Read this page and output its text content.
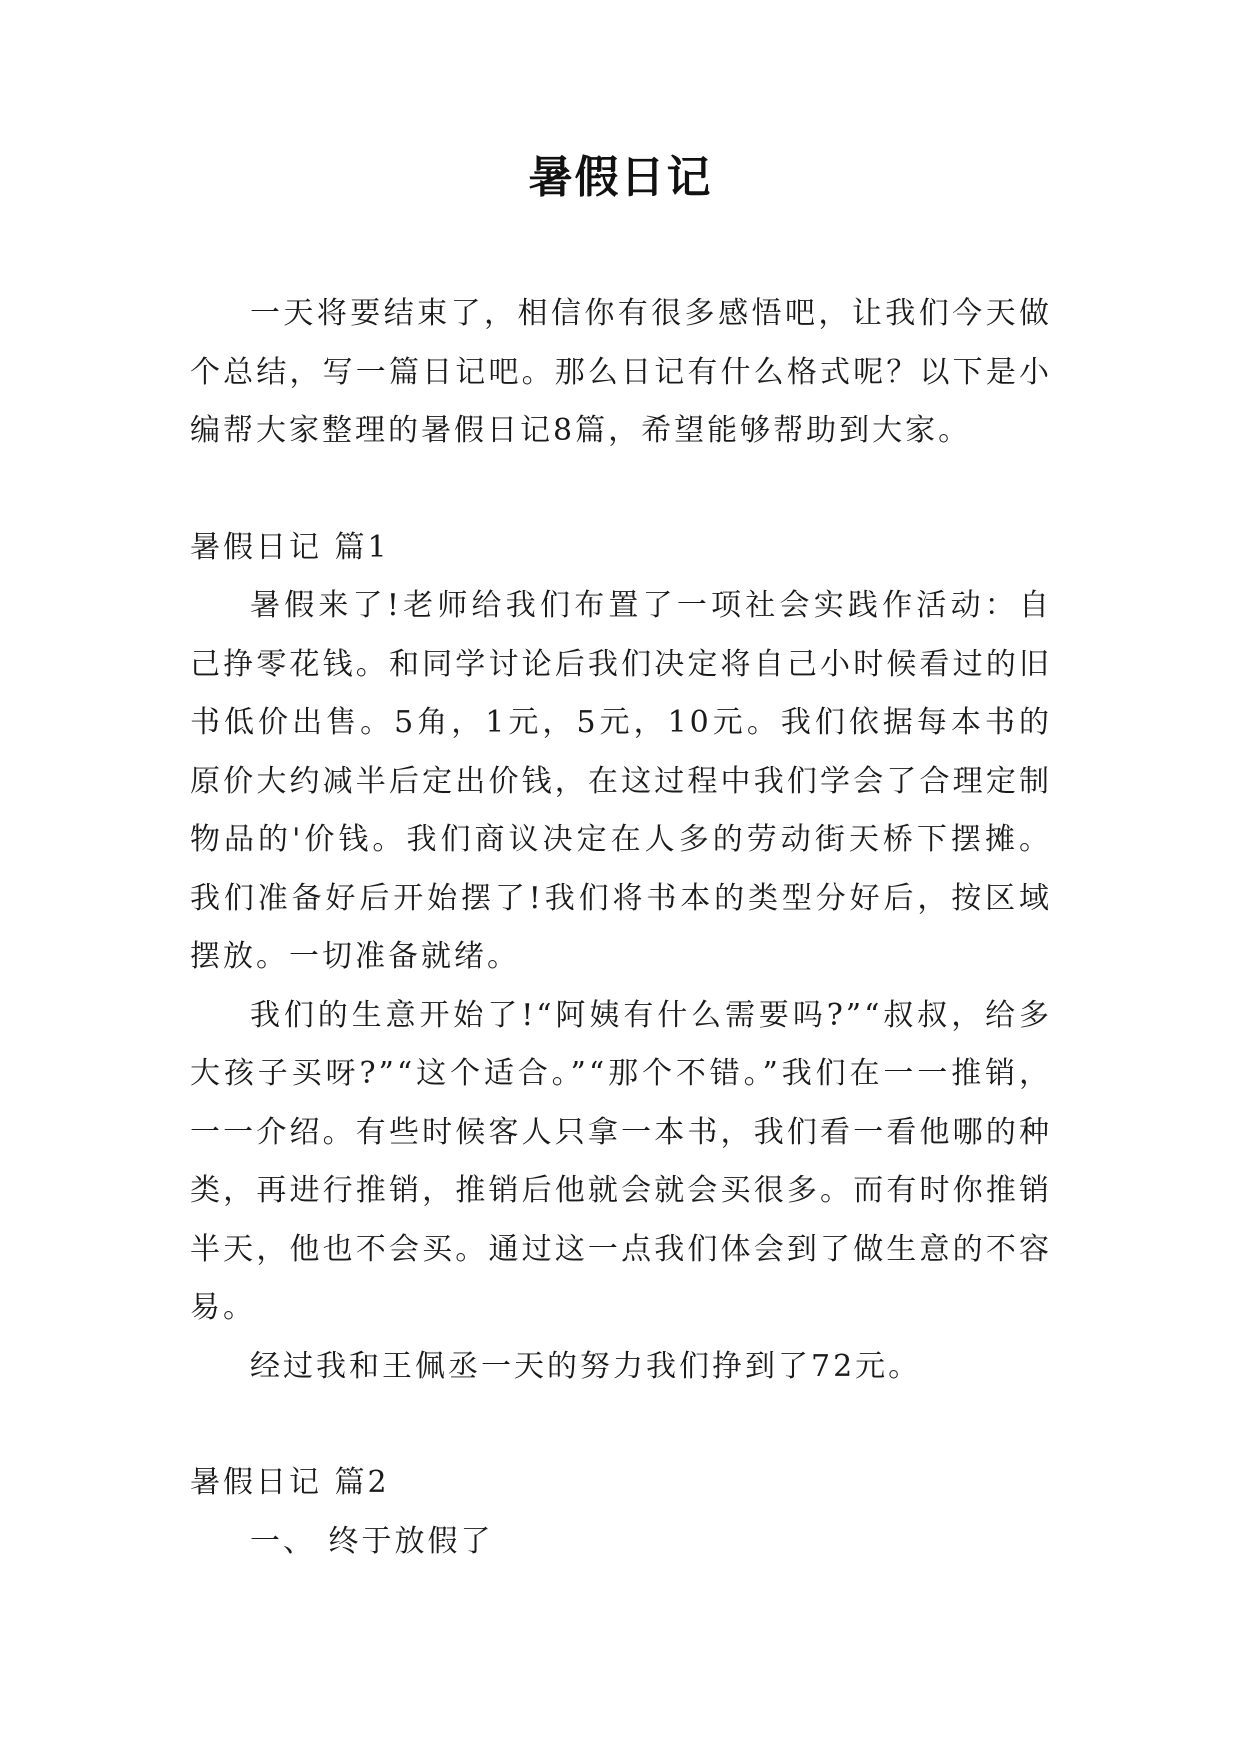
暑假日记

一天将要结束了，相信你有很多感悟吧，让我们今天做个总结，写一篇日记吧。那么日记有什么格式呢？以下是小编帮大家整理的暑假日记8篇，希望能够帮助到大家。

暑假日记 篇1

暑假来了!老师给我们布置了一项社会实践作活动：自己挣零花钱。和同学讨论后我们决定将自己小时候看过的旧书低价出售。5角，1元，5元，10元。我们依据每本书的原价大约减半后定出价钱，在这过程中我们学会了合理定制物品的'价钱。我们商议决定在人多的劳动街天桥下摆摊。我们准备好后开始摆了!我们将书本的类型分好后，按区域摆放。一切准备就绪。

我们的生意开始了!“阿姨有什么需要吗?”“叔叔，给多大孩子买呀?”“这个适合。”“那个不错。”我们在一一推销，一一介绍。有些时候客人只拿一本书，我们看一看他哪的种类，再进行推销，推销后他就会就会买很多。而有时你推销半天，他也不会买。通过这一点我们体会到了做生意的不容易。

经过我和王佩丞一天的努力我们挣到了72元。

暑假日记 篇2

一、 终于放假了
